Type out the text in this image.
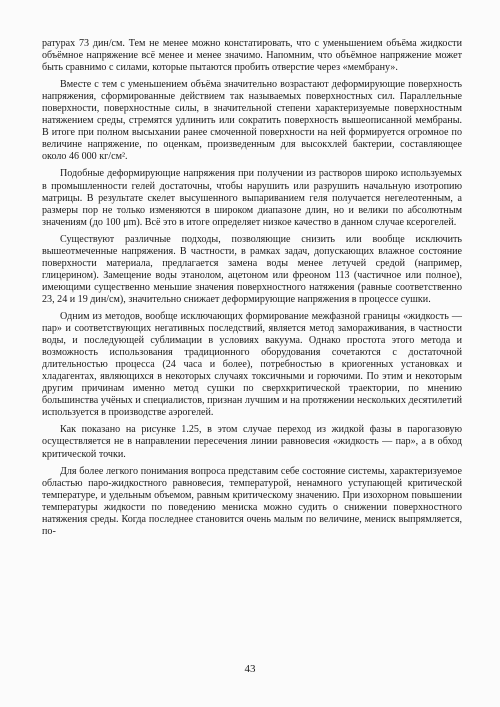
ратурах 73 дин/см. Тем не менее можно констатировать, что с уменьшением объёма жидкости объёмное напряжение всё менее и менее значимо. Напомним, что объёмное напряжение может быть сравнимо с силами, которые пытаются пробить отверстие через «мембрану».

Вместе с тем с уменьшением объёма значительно возрастают деформирующие поверхность напряжения, сформированные действием так называемых поверхностных сил. Параллельные поверхности, поверхностные силы, в значительной степени характеризуемые поверхностным натяжением среды, стремятся удлинить или сократить поверхность вышеописанной мембраны. В итоге при полном высыхании ранее смоченной поверхности на ней формируется огромное по величине напряжение, по оценкам, произведенным для высокхлей бактерии, составляющее около 46 000 кг/см².

Подобные деформирующие напряжения при получении из растворов широко используемых в промышленности гелей достаточны, чтобы нарушить или разрушить начальную изотропию матрицы. В результате скелет высушенного выпариванием геля получается негелеотенным, а размеры пор не только изменяются в широком диапазоне длин, но и велики по абсолютным значениям (до 100 μm). Всё это в итоге определяет низкое качество в данном случае ксерогелей.

Существуют различные подходы, позволяющие снизить или вообще исключить вышеотмеченные напряжения. В частности, в рамках задач, допускающих влажное состояние поверхности материала, предлагается замена воды менее летучей средой (например, глицерином). Замещение воды этанолом, ацетоном или фреоном 113 (частичное или полное), имеющими существенно меньшие значения поверхностного натяжения (равные соответственно 23, 24 и 19 дин/см), значительно снижает деформирующие напряжения в процессе сушки.

Одним из методов, вообще исключающих формирование межфазной границы «жидкость — пар» и соответствующих негативных последствий, является метод замораживания, в частности воды, и последующей сублимации в условиях вакуума. Однако простота этого метода и возможность использования традиционного оборудования сочетаются с достаточной длительностью процесса (24 часа и более), потребностью в криогенных установках и хладагентах, являющихся в некоторых случаях токсичными и горючими. По этим и некоторым другим причинам именно метод сушки по сверхкритической траектории, по мнению большинства учёных и специалистов, признан лучшим и на протяжении нескольких десятилетий используется в производстве аэрогелей.

Как показано на рисунке 1.25, в этом случае переход из жидкой фазы в парогазовую осуществляется не в направлении пересечения линии равновесия «жидкость — пар», а в обход критической точки.

Для более легкого понимания вопроса представим себе состояние системы, характеризуемое областью паро-жидкостного равновесия, температурой, ненамного уступающей критической температуре, и удельным объемом, равным критическому значению. При изохорном повышении температуры жидкости по поведению мениска можно судить о снижении поверхностного натяжения среды. Когда последнее становится очень малым по величине, мениск выпрямляется, по-

43
